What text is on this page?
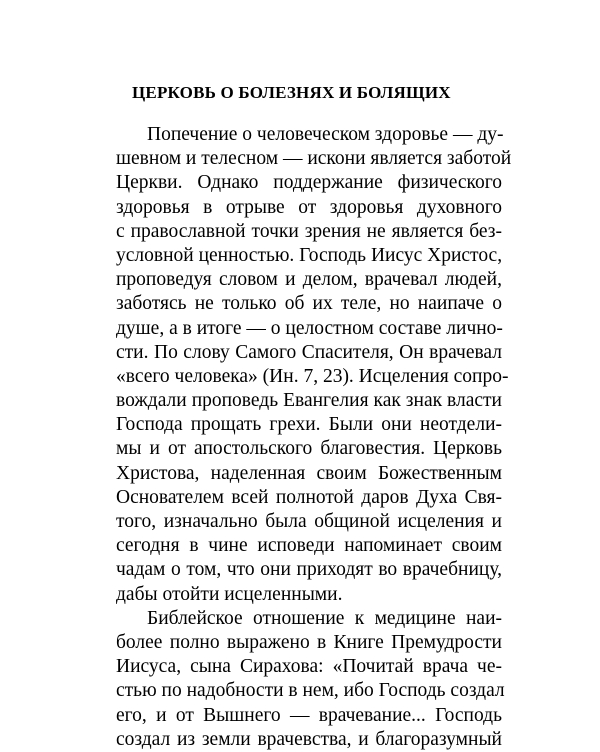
ЦЕРКОВЬ О БОЛЕЗНЯХ И БОЛЯЩИХ
Попечение о человеческом здоровье — ду-
шевном и телесном — искони является заботой
Церкви. Однако поддержание физического
здоровья в отрыве от здоровья духовного
с православной точки зрения не является без-
условной ценностью. Господь Иисус Христос,
проповедуя словом и делом, врачевал людей,
заботясь не только об их теле, но наипаче о
душе, а в итоге — о целостном составе лично-
сти. По слову Самого Спасителя, Он врачевал
«всего человека» (Ин. 7, 23). Исцеления сопро-
вождали проповедь Евангелия как знак власти
Господа прощать грехи. Были они неотдели-
мы и от апостольского благовестия. Церковь
Христова, наделенная своим Божественным
Основателем всей полнотой даров Духа Свя-
того, изначально была общиной исцеления и
сегодня в чине исповеди напоминает своим
чадам о том, что они приходят во врачебницу,
дабы отойти исцеленными.
Библейское отношение к медицине наи-
более полно выражено в Книге Премудрости
Иисуса, сына Сирахова: «Почитай врача че-
стью по надобности в нем, ибо Господь создал
его, и от Вышнего — врачевание... Господь
создал из земли врачевства, и благоразумный
